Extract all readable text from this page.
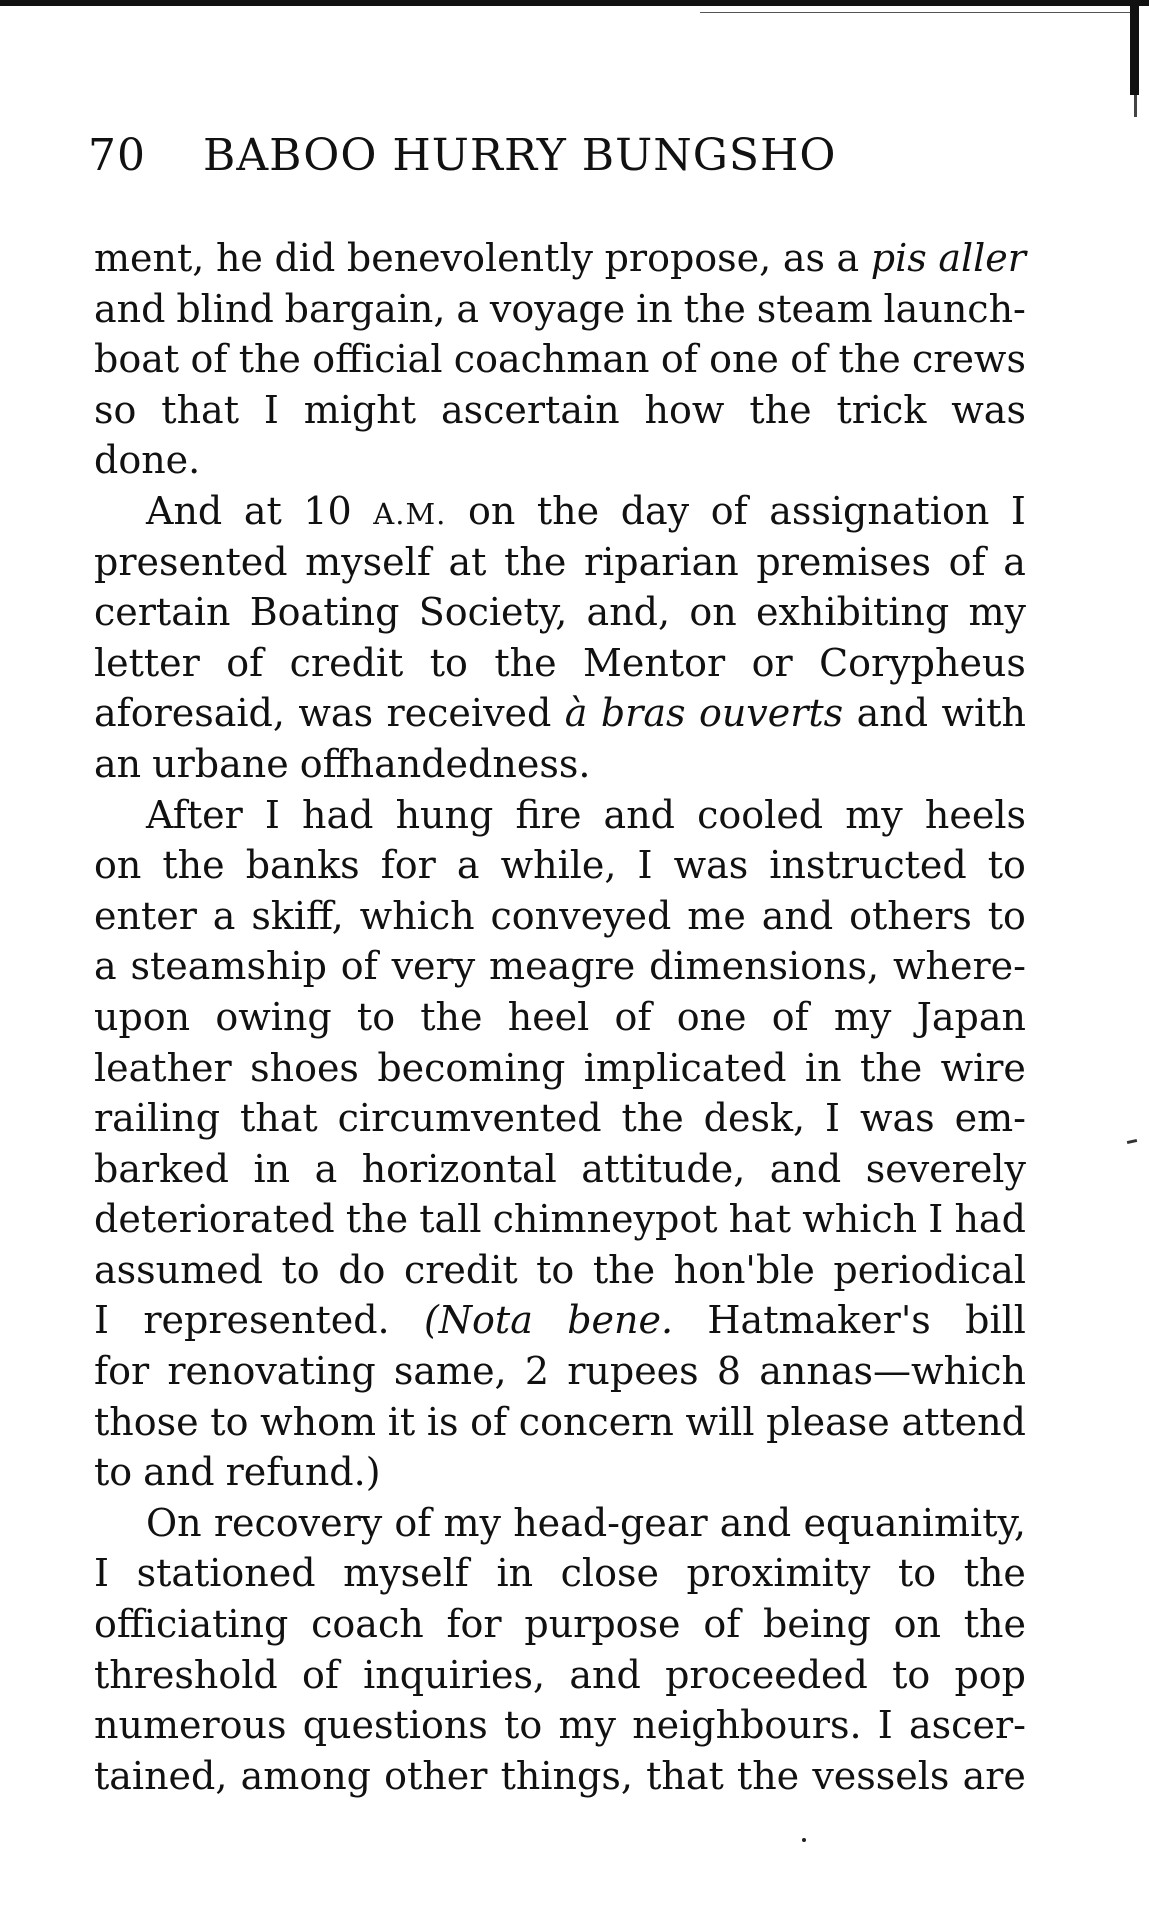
70 BABOO HURRY BUNGSHO
ment, he did benevolently propose, as a pis aller
and blind bargain, a voyage in the steam launch-
boat of the official coachman of one of the crews
so that I might ascertain how the trick was
done.
And at 10 A.M. on the day of assignation I
presented myself at the riparian premises of a
certain Boating Society, and, on exhibiting my
letter of credit to the Mentor or Corypheus
aforesaid, was received à bras ouverts and with
an urbane offhandedness.
After I had hung fire and cooled my heels
on the banks for a while, I was instructed to
enter a skiff, which conveyed me and others to
a steamship of very meagre dimensions, where-
upon owing to the heel of one of my Japan
leather shoes becoming implicated in the wire
railing that circumvented the desk, I was em-
barked in a horizontal attitude, and severely
deteriorated the tall chimneypot hat which I had
assumed to do credit to the hon'ble periodical
I represented. (Nota bene. Hatmaker's bill
for renovating same, 2 rupees 8 annas—which
those to whom it is of concern will please attend
to and refund.)
On recovery of my head-gear and equanimity,
I stationed myself in close proximity to the
officiating coach for purpose of being on the
threshold of inquiries, and proceeded to pop
numerous questions to my neighbours. I ascer-
tained, among other things, that the vessels are
